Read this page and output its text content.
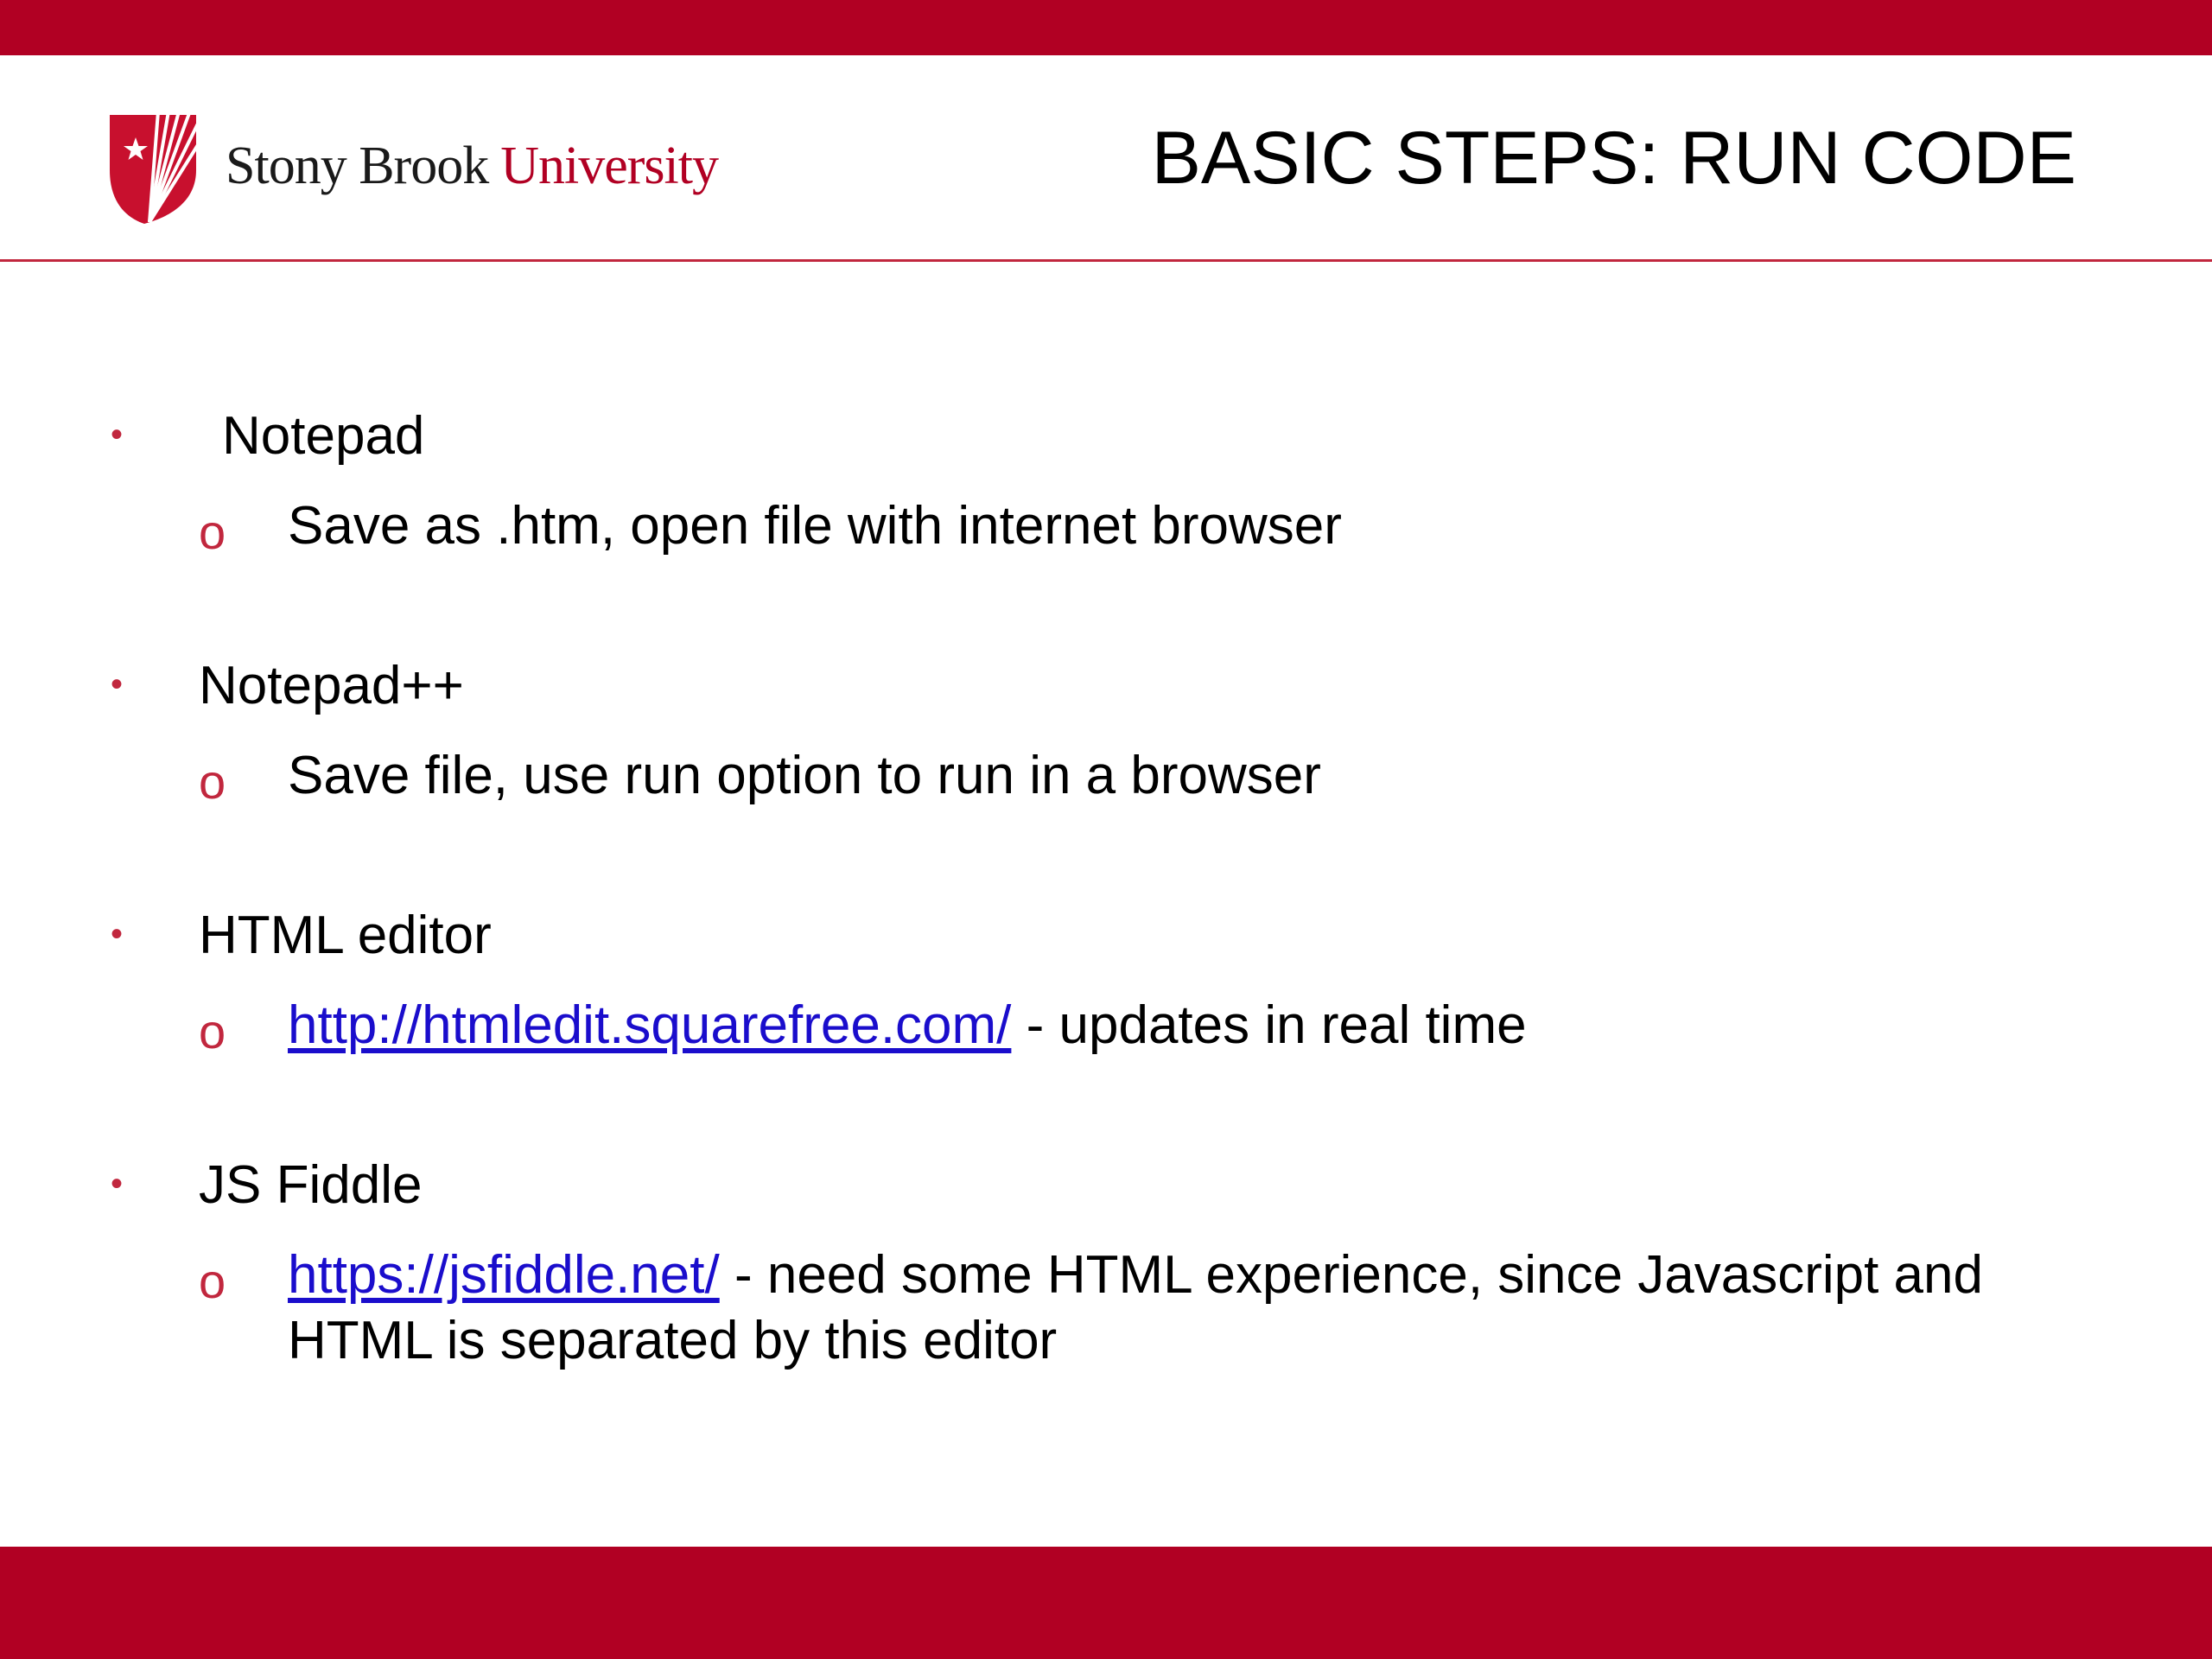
Stony Brook University	BASIC STEPS: RUN CODE
• Notepad
o Save as .htm, open file with internet browser
• Notepad++
o Save file, use run option to run in a browser
• HTML editor
o http://htmledit.squarefree.com/ - updates in real time
• JS Fiddle
o https://jsfiddle.net/ - need some HTML experience, since Javascript and HTML is separated by this editor
